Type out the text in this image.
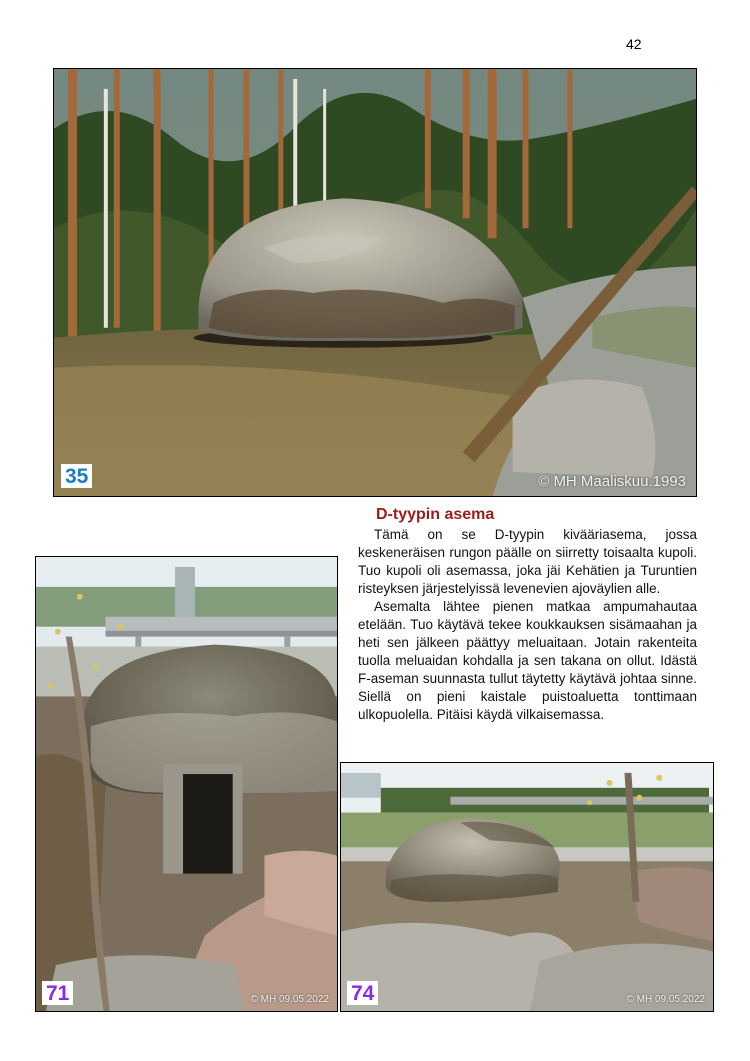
42
35	© MH Maaliskuu.1993
D-tyypin asema

Tämä on se D-tyypin kivääriasema, jossa keskeneräisen rungon päälle on siirretty toisaalta kupoli. Tuo kupoli oli asemassa, joka jäi Kehätien ja Turuntien risteyksen järjestelyissä levenevien ajoväylien alle.

Asemalta lähtee pienen matkaa ampumahautaa etelään. Tuo käytävä tekee koukkauksen sisämaahan ja heti sen jälkeen päättyy meluaitaan. Jotain rakenteita tuolla meluaidan kohdalla ja sen takana on ollut. Idästä F-aseman suunnasta tullut täytetty käytävä johtaa sinne. Siellä on pieni kaistale puistoaluetta tonttimaan ulkopuolella. Pitäisi käydä vilkaisemassa.

71	© MH 09.05.2022 74	© MH 09.05.2022
